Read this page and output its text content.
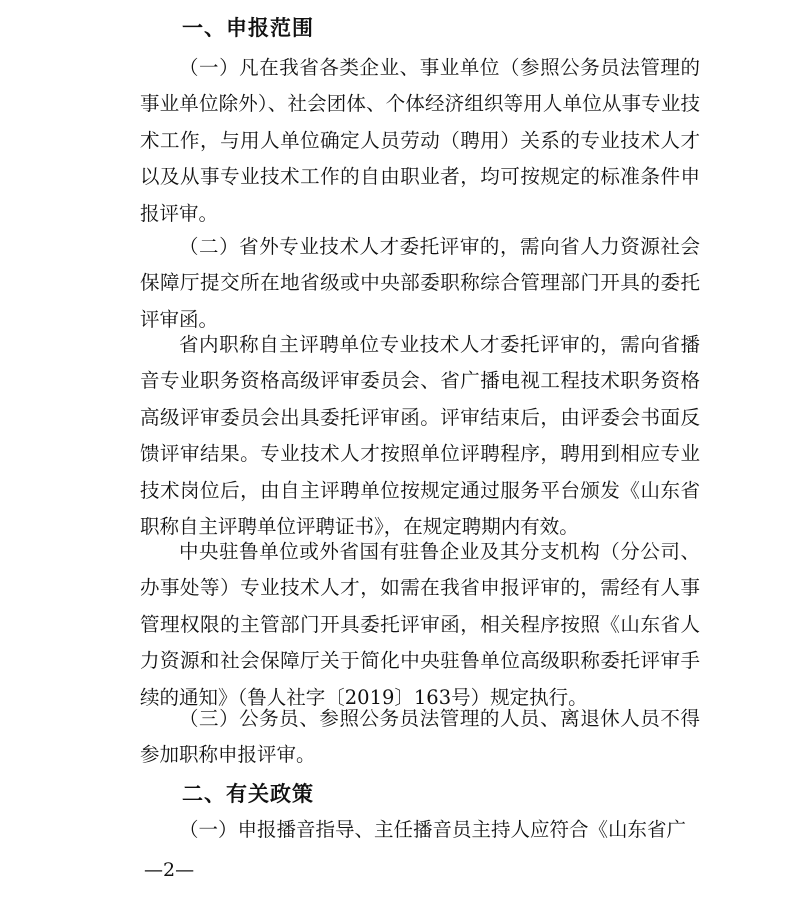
一、申报范围
（一）凡在我省各类企业、事业单位（参照公务员法管理的事业单位除外）、社会团体、个体经济组织等用人单位从事专业技术工作，与用人单位确定人员劳动（聘用）关系的专业技术人才以及从事专业技术工作的自由职业者，均可按规定的标准条件申报评审。
（二）省外专业技术人才委托评审的，需向省人力资源社会保障厅提交所在地省级或中央部委职称综合管理部门开具的委托评审函。
省内职称自主评聘单位专业技术人才委托评审的，需向省播音专业职务资格高级评审委员会、省广播电视工程技术职务资格高级评审委员会出具委托评审函。评审结束后，由评委会书面反馈评审结果。专业技术人才按照单位评聘程序，聘用到相应专业技术岗位后，由自主评聘单位按规定通过服务平台颁发《山东省职称自主评聘单位评聘证书》，在规定聘期内有效。
中央驻鲁单位或外省国有驻鲁企业及其分支机构（分公司、办事处等）专业技术人才，如需在我省申报评审的，需经有人事管理权限的主管部门开具委托评审函，相关程序按照《山东省人力资源和社会保障厅关于简化中央驻鲁单位高级职称委托评审手续的通知》（鲁人社字〔2019〕163号）规定执行。
（三）公务员、参照公务员法管理的人员、离退休人员不得参加职称申报评审。
二、有关政策
（一）申报播音指导、主任播音员主持人应符合《山东省广
—2—
